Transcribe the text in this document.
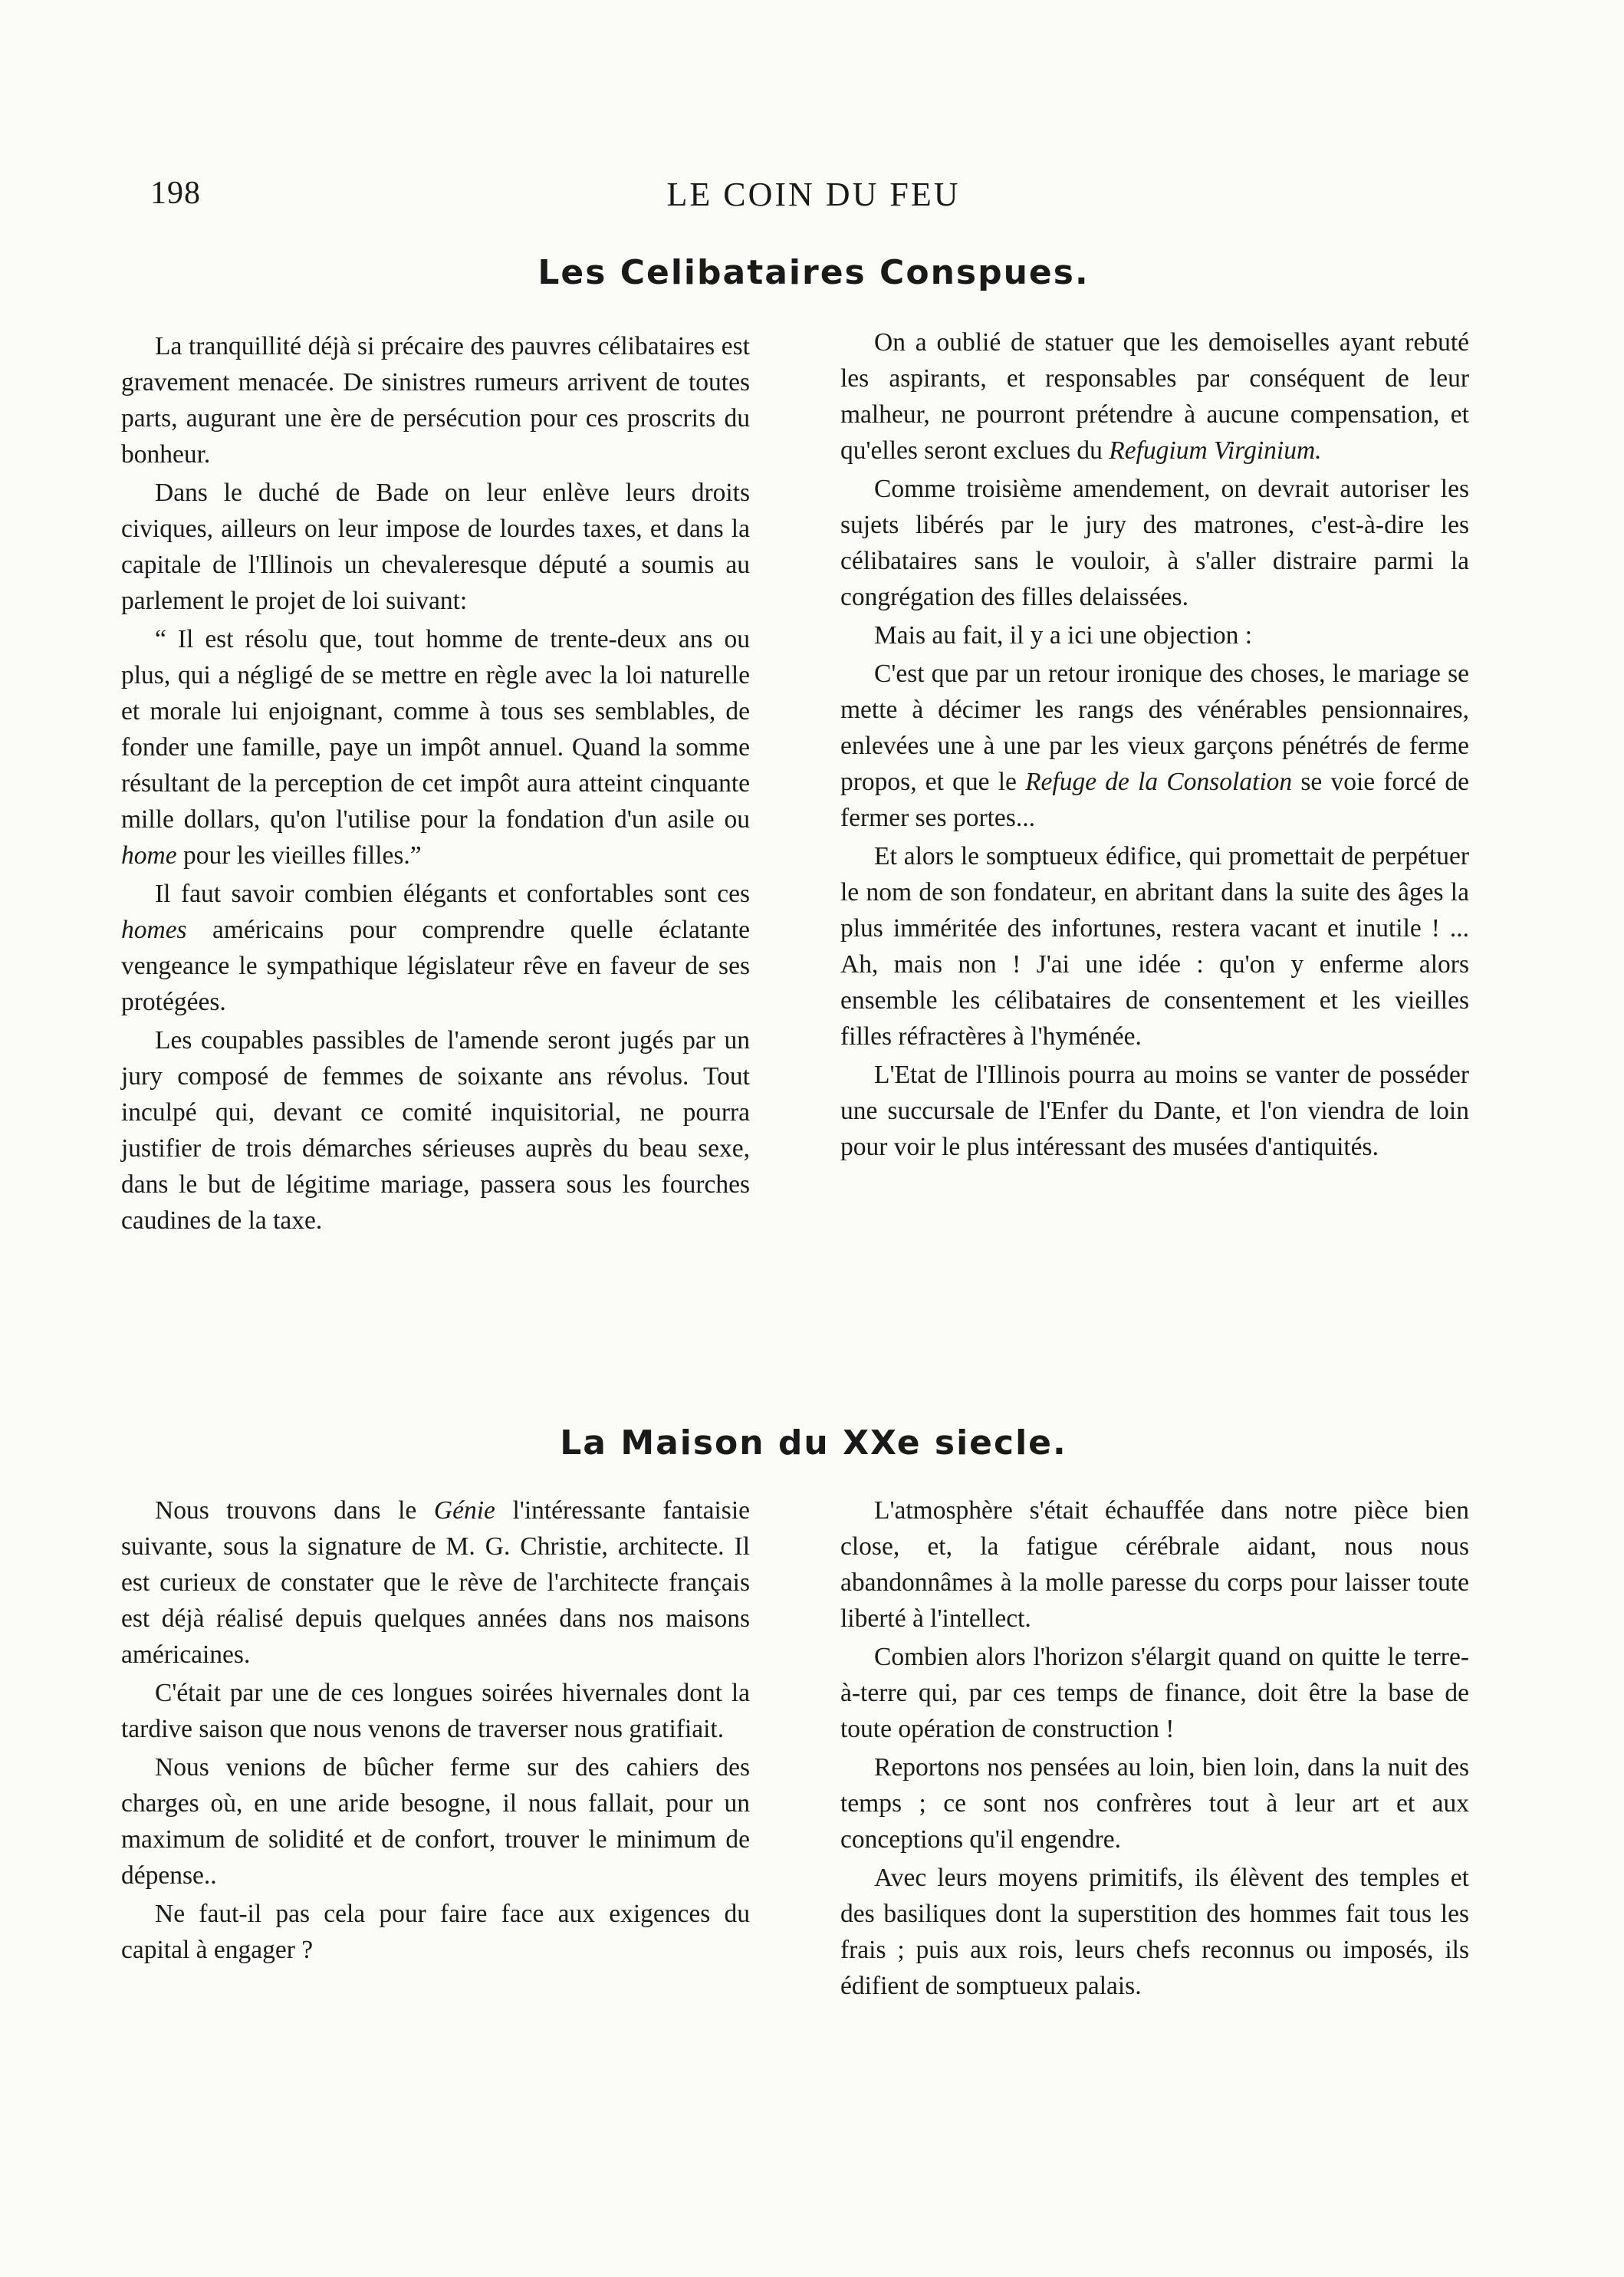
198	LE COIN DU FEU
Les Celibataires Conspues.

La tranquillité déjà si précaire des pauvres célibataires est gravement menacée. De sinistres rumeurs arrivent de toutes parts, augurant une ère de persécution pour ces proscrits du bonheur.

Dans le duché de Bade on leur enlève leurs droits civiques, ailleurs on leur impose de lourdes taxes, et dans la capitale de l'Illinois un chevaleresque député a soumis au parlement le projet de loi suivant:

“ Il est résolu que, tout homme de trente-deux ans ou plus, qui a négligé de se mettre en règle avec la loi naturelle et morale lui enjoignant, comme à tous ses semblables, de fonder une famille, paye un impôt annuel. Quand la somme résultant de la perception de cet impôt aura atteint cinquante mille dollars, qu'on l'utilise pour la fondation d'un asile ou home pour les vieilles filles.”

Il faut savoir combien élégants et confortables sont ces homes américains pour comprendre quelle éclatante vengeance le sympathique législateur rêve en faveur de ses protégées.

Les coupables passibles de l'amende seront jugés par un jury composé de femmes de soixante ans révolus. Tout inculpé qui, devant ce comité inquisitorial, ne pourra justifier de trois démarches sérieuses auprès du beau sexe, dans le but de légitime mariage, passera sous les fourches caudines de la taxe.

On a oublié de statuer que les demoiselles ayant rebuté les aspirants, et responsables par conséquent de leur malheur, ne pourront prétendre à aucune compensation, et qu'elles seront exclues du Refugium Virginium.

Comme troisième amendement, on devrait autoriser les sujets libérés par le jury des matrones, c'est-à-dire les célibataires sans le vouloir, à s'aller distraire parmi la congrégation des filles delaissées.

Mais au fait, il y a ici une objection :

C'est que par un retour ironique des choses, le mariage se mette à décimer les rangs des vénérables pensionnaires, enlevées une à une par les vieux garçons pénétrés de ferme propos, et que le Refuge de la Consolation se voie forcé de fermer ses portes...

Et alors le somptueux édifice, qui promettait de perpétuer le nom de son fondateur, en abritant dans la suite des âges la plus imméritée des infortunes, restera vacant et inutile ! ... Ah, mais non ! J'ai une idée : qu'on y enferme alors ensemble les célibataires de consentement et les vieilles filles réfractères à l'hyménée.

L'Etat de l'Illinois pourra au moins se vanter de posséder une succursale de l'Enfer du Dante, et l'on viendra de loin pour voir le plus intéressant des musées d'antiquités.

La Maison du XXe siecle.

Nous trouvons dans le Génie l'intéressante fantaisie suivante, sous la signature de M. G. Christie, architecte. Il est curieux de constater que le rève de l'architecte français est déjà réalisé depuis quelques années dans nos maisons américaines.

C'était par une de ces longues soirées hivernales dont la tardive saison que nous venons de traverser nous gratifiait.

Nous venions de bûcher ferme sur des cahiers des charges où, en une aride besogne, il nous fallait, pour un maximum de solidité et de confort, trouver le minimum de dépense..

Ne faut-il pas cela pour faire face aux exigences du capital à engager ?

L'atmosphère s'était échauffée dans notre pièce bien close, et, la fatigue cérébrale aidant, nous nous abandonnâmes à la molle paresse du corps pour laisser toute liberté à l'intellect.

Combien alors l'horizon s'élargit quand on quitte le terre-à-terre qui, par ces temps de finance, doit être la base de toute opération de construction !

Reportons nos pensées au loin, bien loin, dans la nuit des temps ; ce sont nos confrères tout à leur art et aux conceptions qu'il engendre.

Avec leurs moyens primitifs, ils élèvent des temples et des basiliques dont la superstition des hommes fait tous les frais ; puis aux rois, leurs chefs reconnus ou imposés, ils édifient de somptueux palais.
